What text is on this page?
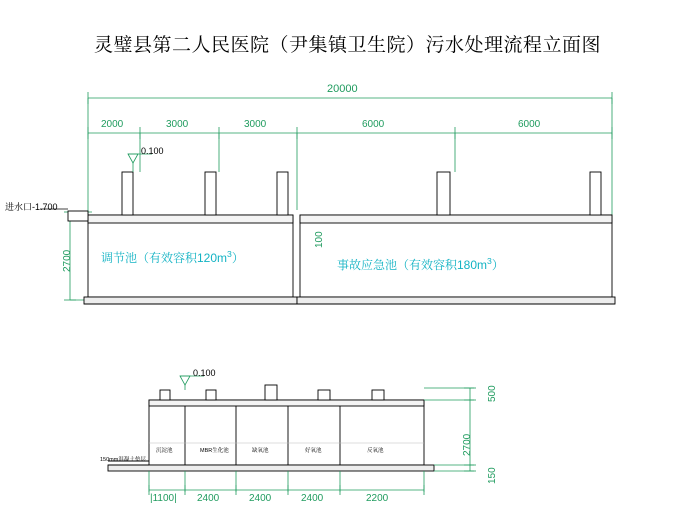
灵璧县第二人民医院（尹集镇卫生院）污水处理流程立面图
20000
2000	3000	3000	6000	6000
0.100
进水口-1.700
2700
100
调节池（有效容积$120m^3$）	事故应急池（有效容积$180m^3$）
0.100
150mm混凝土垫层
沉淀池	MBR生化池	缺氧池	好氧池	反氧池
|1100| 2400	2400	2400	2200
500
2700
150
